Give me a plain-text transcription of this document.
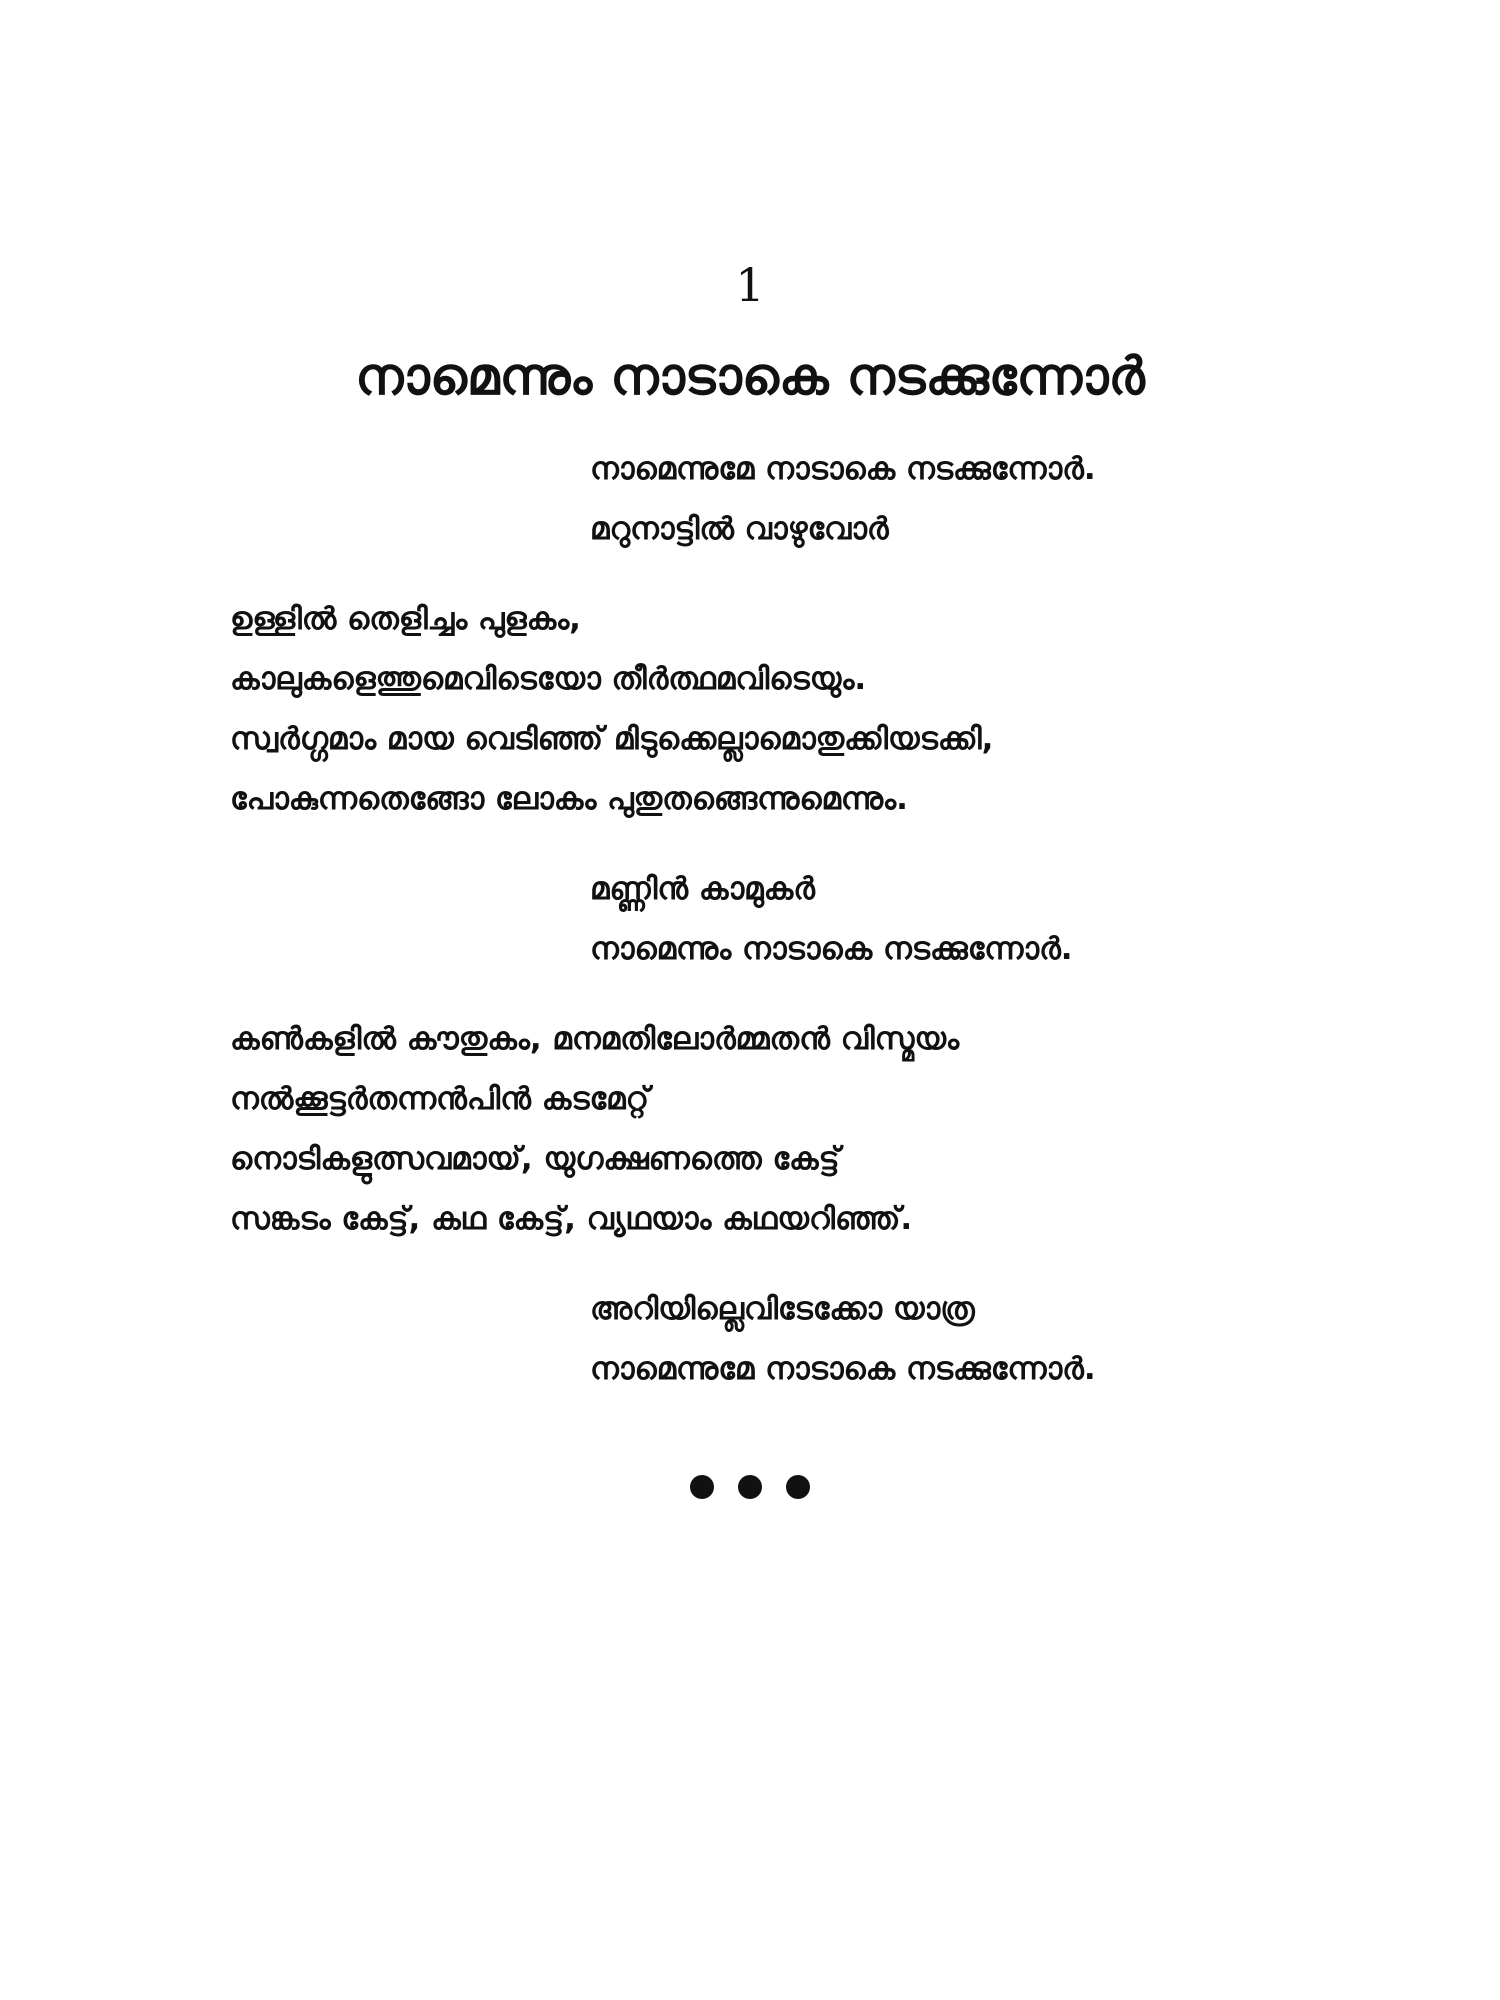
1
നാമെന്നും നാടാകെ നടക്കുന്നോർ
നാമെന്നുമേ നാടാകെ നടക്കുന്നോർ.
മറുനാട്ടിൽ വാഴുവോർ
ഉള്ളിൽ തെളിച്ചം പുളകം,
കാലുകളെത്തുമെവിടെയോ തീർത്ഥമവിടെയും.
സ്വർഗ്ഗമാം മായ വെടിഞ്ഞ് മിടുക്കെല്ലാമൊതുക്കിയടക്കി,
പോകുന്നതെങ്ങോ ലോകം പുതുതങ്ങെന്നുമെന്നും.
മണ്ണിൻ കാമുകർ
നാമെന്നും നാടാകെ നടക്കുന്നോർ.
കൺകളിൽ കൗതുകം, മനമതിലോർമ്മതൻ വിസ്മയം
നൽക്കൂട്ടർതന്നൻപിൻ കടമേറ്റ്
നൊടികളുത്സവമായ്, യുഗക്ഷണത്തെ കേട്ട്
സങ്കടം കേട്ട്, കഥ കേട്ട്, വ്യഥയാം കഥയറിഞ്ഞ്.
അറിയില്ലെവിടേക്കോ യാത്ര
നാമെന്നുമേ നാടാകെ നടക്കുന്നോർ.
